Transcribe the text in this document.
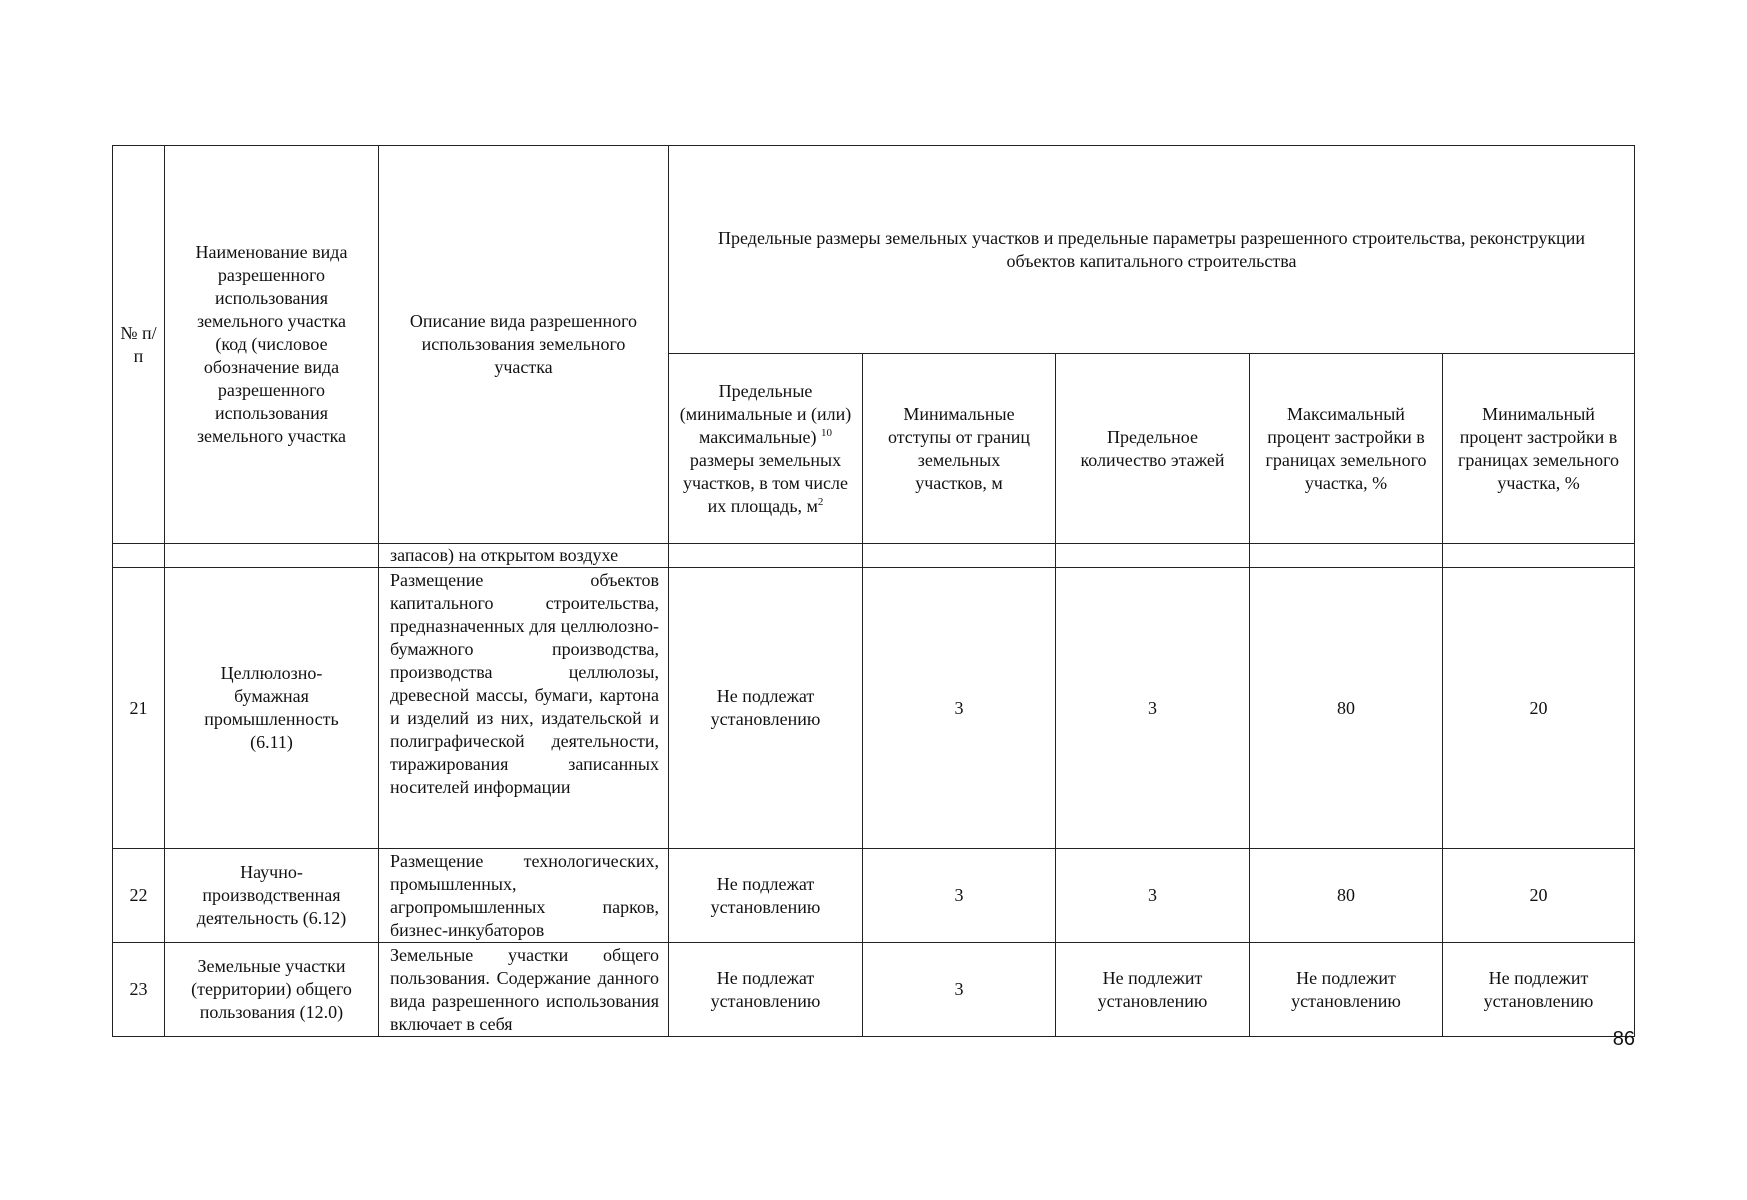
№ п/п	Наименование вида разрешенного использования земельного участка (код (числовое обозначение вида разрешенного использования земельного участка	Описание вида разрешенного использования земельного участка	Предельные размеры земельных участков и предельные параметры разрешенного строительства, реконструкции объектов капитального строительства	
			Предельные (минимальные и (или) максимальные) $^{10}$ размеры земельных участков, в том числе их площадь, $м^2$	Минимальные отступы от границ земельных участков, м	Предельное количество этажей	Максимальный процент застройки в границах земельного участка, %	Минимальный процент застройки в границах земельного участка, %	
		запасов) на открытом воздухе						
21	Целлюлозно-бумажная промышленность (6.11)	Размещение объектов капитального строительства, предназначенных для целлюлозно-бумажного производства, производства целлюлозы, древесной массы, бумаги, картона и изделий из них, издательской и полиграфической деятельности, тиражирования записанных носителей информации	Не подлежат установлению	3	3	80	20	
22	Научно-производственная деятельность (6.12)	Размещение технологических, промышленных, агропромышленных парков, бизнес-инкубаторов	Не подлежат установлению	3	3	80	20	
23	Земельные участки (территории) общего пользования (12.0)	Земельные участки общего пользования. Содержание данного вида разрешенного использования включает в себя	Не подлежат установлению	3	Не подлежит установлению	Не подлежит установлению	Не подлежит установлению	
86
